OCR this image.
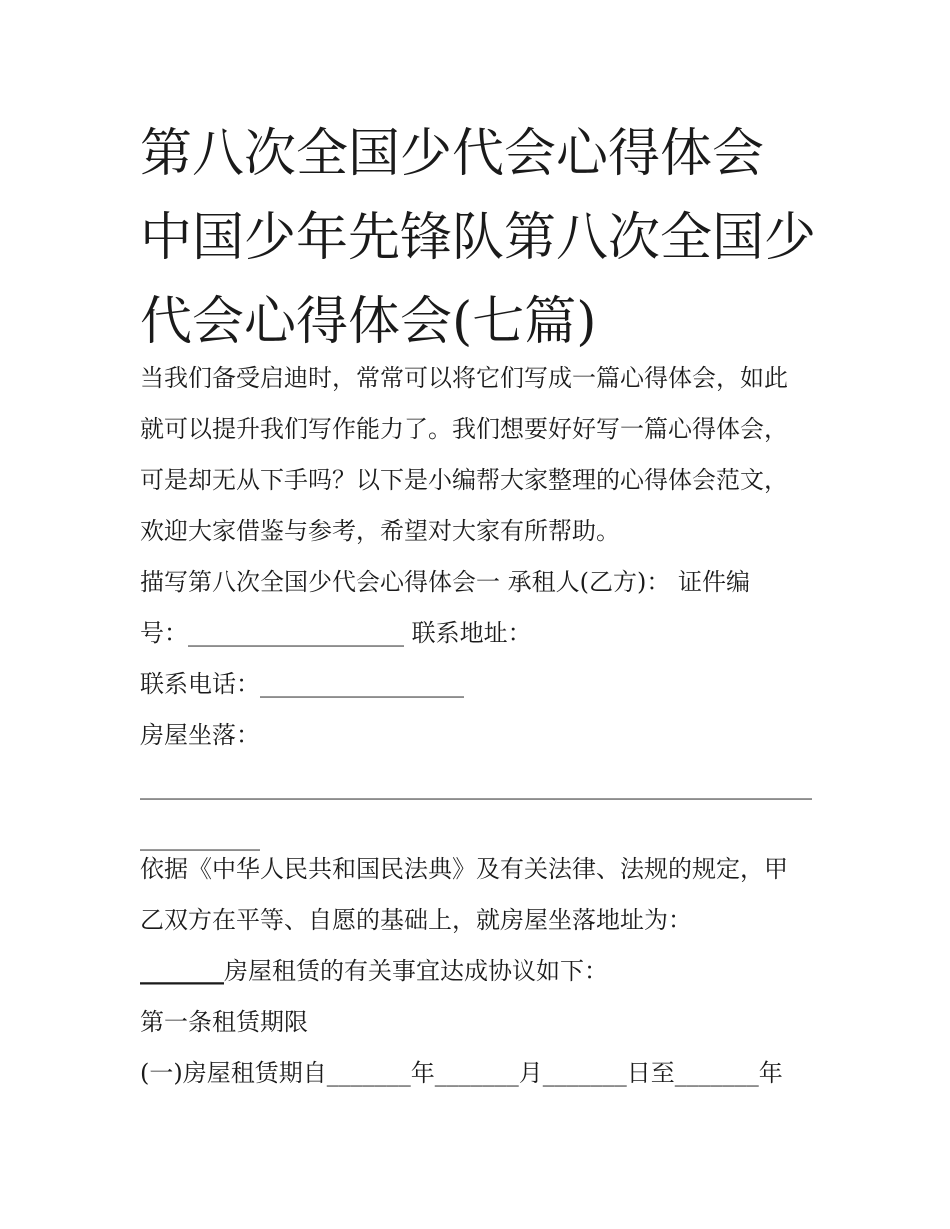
第八次全国少代会心得体会 中国少年先锋队第八次全国少代会心得体会(七篇)
当我们备受启迪时，常常可以将它们写成一篇心得体会，如此
就可以提升我们写作能力了。我们想要好好写一篇心得体会，
可是却无从下手吗？以下是小编帮大家整理的心得体会范文，
欢迎大家借鉴与参考，希望对大家有所帮助。
描写第八次全国少代会心得体会一 承租人(乙方)： 证件编
号：__________________ 联系地址：
联系电话：_________________
房屋坐落：
________________________________________________________
__________
依据《中华人民共和国民法典》及有关法律、法规的规定，甲
乙双方在平等、自愿的基础上，就房屋坐落地址为：
_______房屋租赁的有关事宜达成协议如下：
第一条租赁期限
(一)房屋租赁期自_______年_______月_______日至_______年
